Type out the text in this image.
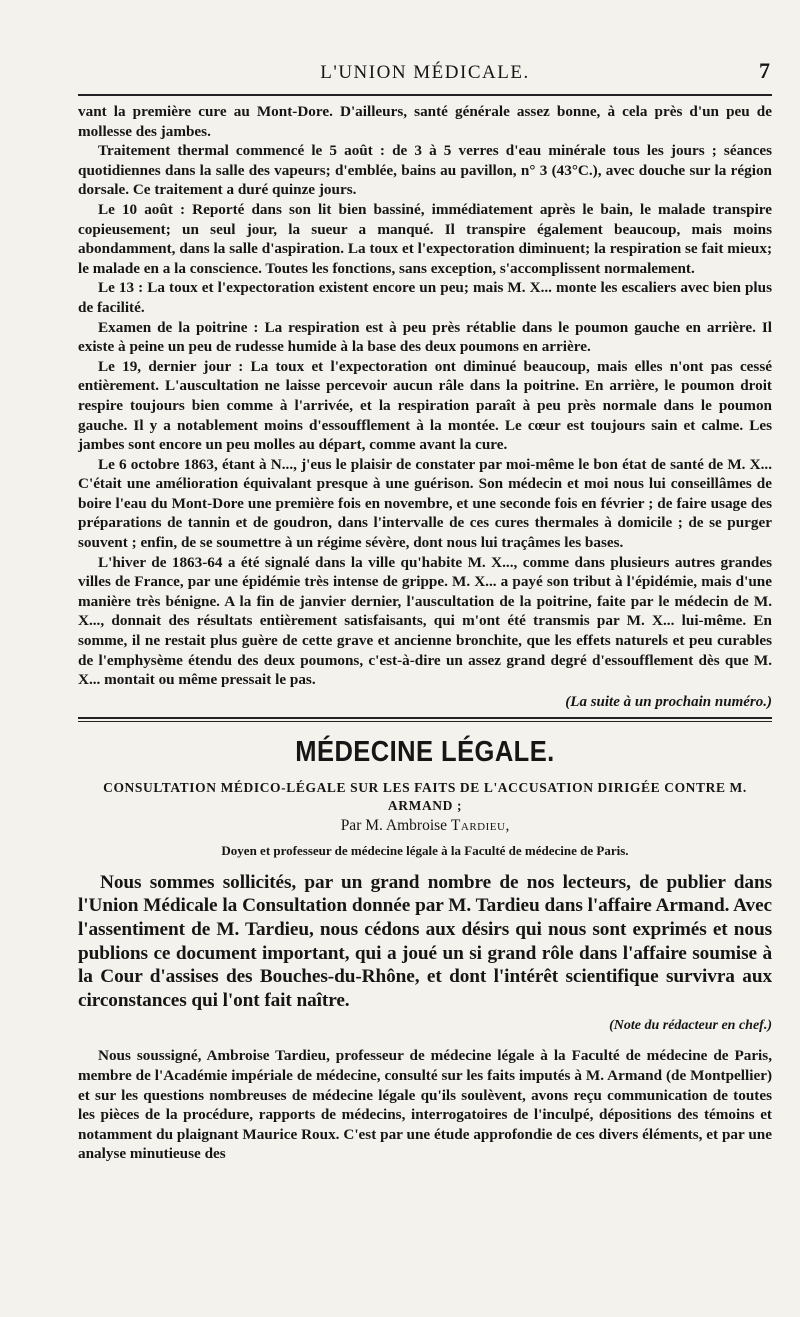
L'UNION MÉDICALE.	7

vant la première cure au Mont-Dore. D'ailleurs, santé générale assez bonne, à cela près d'un peu de mollesse des jambes.

Traitement thermal commencé le 5 août : de 3 à 5 verres d'eau minérale tous les jours ; séances quotidiennes dans la salle des vapeurs; d'emblée, bains au pavillon, n° 3 (43°C.), avec douche sur la région dorsale. Ce traitement a duré quinze jours.

Le 10 août : Reporté dans son lit bien bassiné, immédiatement après le bain, le malade transpire copieusement; un seul jour, la sueur a manqué. Il transpire également beaucoup, mais moins abondamment, dans la salle d'aspiration. La toux et l'expectoration diminuent; la respiration se fait mieux; le malade en a la conscience. Toutes les fonctions, sans exception, s'accomplissent normalement.

Le 13 : La toux et l'expectoration existent encore un peu; mais M. X... monte les escaliers avec bien plus de facilité.

Examen de la poitrine : La respiration est à peu près rétablie dans le poumon gauche en arrière. Il existe à peine un peu de rudesse humide à la base des deux poumons en arrière.

Le 19, dernier jour : La toux et l'expectoration ont diminué beaucoup, mais elles n'ont pas cessé entièrement. L'auscultation ne laisse percevoir aucun râle dans la poitrine. En arrière, le poumon droit respire toujours bien comme à l'arrivée, et la respiration paraît à peu près normale dans le poumon gauche. Il y a notablement moins d'essoufflement à la montée. Le cœur est toujours sain et calme. Les jambes sont encore un peu molles au départ, comme avant la cure.

Le 6 octobre 1863, étant à N..., j'eus le plaisir de constater par moi-même le bon état de santé de M. X... C'était une amélioration équivalant presque à une guérison. Son médecin et moi nous lui conseillâmes de boire l'eau du Mont-Dore une première fois en novembre, et une seconde fois en février ; de faire usage des préparations de tannin et de goudron, dans l'intervalle de ces cures thermales à domicile ; de se purger souvent ; enfin, de se soumettre à un régime sévère, dont nous lui traçâmes les bases.

L'hiver de 1863-64 a été signalé dans la ville qu'habite M. X..., comme dans plusieurs autres grandes villes de France, par une épidémie très intense de grippe. M. X... a payé son tribut à l'épidémie, mais d'une manière très bénigne. A la fin de janvier dernier, l'auscultation de la poitrine, faite par le médecin de M. X..., donnait des résultats entièrement satisfaisants, qui m'ont été transmis par M. X... lui-même. En somme, il ne restait plus guère de cette grave et ancienne bronchite, que les effets naturels et peu curables de l'emphysème étendu des deux poumons, c'est-à-dire un assez grand degré d'essoufflement dès que M. X... montait ou même pressait le pas.

(La suite à un prochain numéro.)
MÉDECINE LÉGALE.
CONSULTATION MÉDICO-LÉGALE SUR LES FAITS DE L'ACCUSATION DIRIGÉE CONTRE M. ARMAND ;
Par M. Ambroise Tardieu,
Doyen et professeur de médecine légale à la Faculté de médecine de Paris.

Nous sommes sollicités, par un grand nombre de nos lecteurs, de publier dans l'Union Médicale la Consultation donnée par M. Tardieu dans l'affaire Armand. Avec l'assentiment de M. Tardieu, nous cédons aux désirs qui nous sont exprimés et nous publions ce document important, qui a joué un si grand rôle dans l'affaire soumise à la Cour d'assises des Bouches-du-Rhône, et dont l'intérêt scientifique survivra aux circonstances qui l'ont fait naître.

(Note du rédacteur en chef.)

Nous soussigné, Ambroise Tardieu, professeur de médecine légale à la Faculté de médecine de Paris, membre de l'Académie impériale de médecine, consulté sur les faits imputés à M. Armand (de Montpellier) et sur les questions nombreuses de médecine légale qu'ils soulèvent, avons reçu communication de toutes les pièces de la procédure, rapports de médecins, interrogatoires de l'inculpé, dépositions des témoins et notamment du plaignant Maurice Roux. C'est par une étude approfondie de ces divers éléments, et par une analyse minutieuse des
